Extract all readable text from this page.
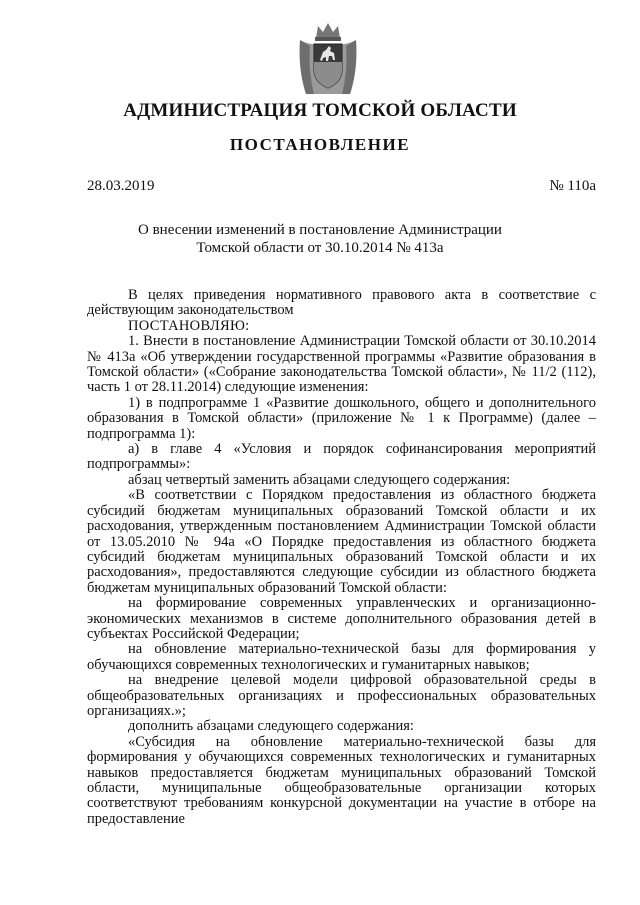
АДМИНИСТРАЦИЯ ТОМСКОЙ ОБЛАСТИ
ПОСТАНОВЛЕНИЕ
28.03.2019	№ 110а
О внесении изменений в постановление Администрации
Томской области от 30.10.2014 № 413а

В целях приведения нормативного правового акта в соответствие с действующим законодательством

ПОСТАНОВЛЯЮ:

1. Внести в постановление Администрации Томской области от 30.10.2014 № 413а «Об утверждении государственной программы «Развитие образования в Томской области» («Собрание законодательства Томской области», № 11/2 (112), часть 1 от 28.11.2014) следующие изменения:

1) в подпрограмме 1 «Развитие дошкольного, общего и дополнительного образования в Томской области» (приложение № 1 к Программе) (далее – подпрограмма 1):

а) в главе 4 «Условия и порядок софинансирования мероприятий подпрограммы»:

абзац четвертый заменить абзацами следующего содержания:

«В соответствии с Порядком предоставления из областного бюджета субсидий бюджетам муниципальных образований Томской области и их расходования, утвержденным постановлением Администрации Томской области от 13.05.2010 № 94а «О Порядке предоставления из областного бюджета субсидий бюджетам муниципальных образований Томской области и их расходования», предоставляются следующие субсидии из областного бюджета бюджетам муниципальных образований Томской области:

на формирование современных управленческих и организационно-экономических механизмов в системе дополнительного образования детей в субъектах Российской Федерации;

на обновление материально-технической базы для формирования у обучающихся современных технологических и гуманитарных навыков;

на внедрение целевой модели цифровой образовательной среды в общеобразовательных организациях и профессиональных образовательных организациях.»;

дополнить абзацами следующего содержания:

«Субсидия на обновление материально-технической базы для формирования у обучающихся современных технологических и гуманитарных навыков предоставляется бюджетам муниципальных образований Томской области, муниципальные общеобразовательные организации которых соответствуют требованиям конкурсной документации на участие в отборе на предоставление
